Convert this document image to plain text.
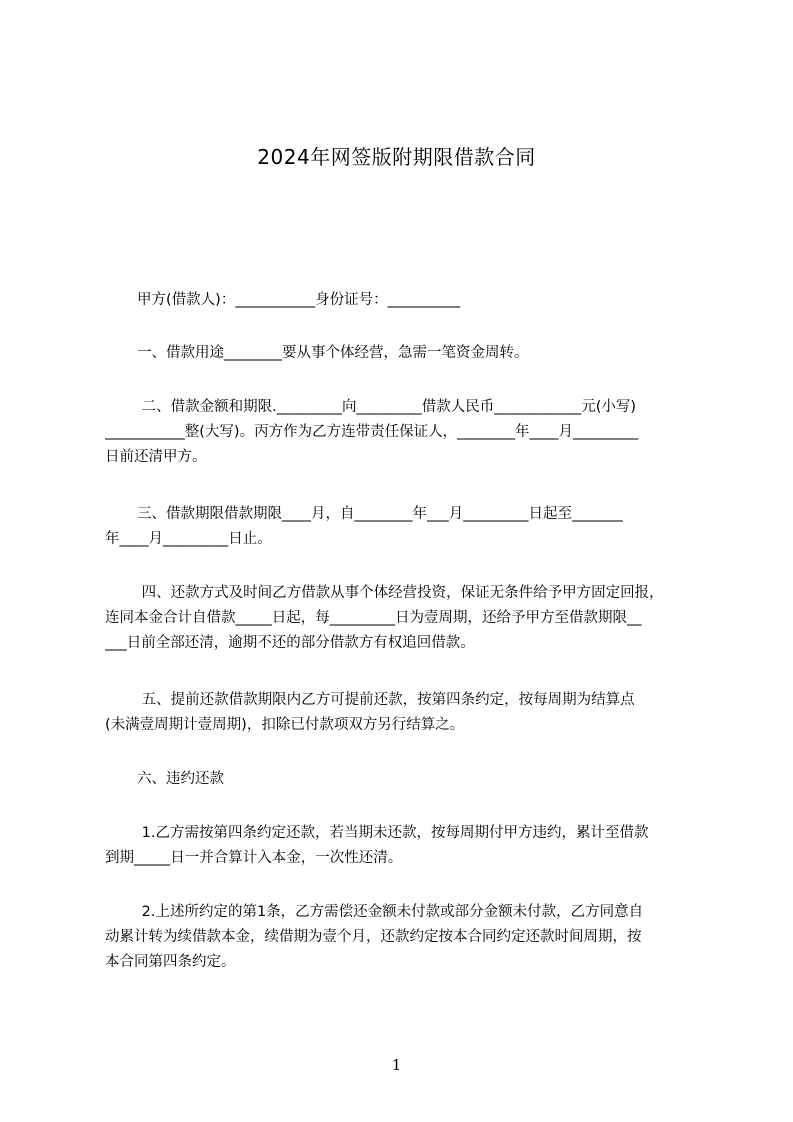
2024年网签版附期限借款合同
甲方(借款人)：___________身份证号：__________
一、借款用途________要从事个体经营，急需一笔资金周转。
二、借款金额和期限._________向_________借款人民币____________元(小写)
___________整(大写)。丙方作为乙方连带责任保证人，________年____月_________
日前还清甲方。
三、借款期限借款期限____月，自________年___月_________日起至_______
年____月_________日止。
四、还款方式及时间乙方借款从事个体经营投资，保证无条件给予甲方固定回报，
连同本金合计自借款_____日起，每_________日为壹周期，还给予甲方至借款期限__
___日前全部还清，逾期不还的部分借款方有权追回借款。
五、提前还款借款期限内乙方可提前还款，按第四条约定，按每周期为结算点
(未满壹周期计壹周期)，扣除已付款项双方另行结算之。
六、违约还款
1.乙方需按第四条约定还款，若当期未还款，按每周期付甲方违约，累计至借款
到期_____日一并合算计入本金，一次性还清。
2.上述所约定的第1条，乙方需偿还金额未付款或部分金额未付款，乙方同意自
动累计转为续借款本金，续借期为壹个月，还款约定按本合同约定还款时间周期，按
本合同第四条约定。
1
